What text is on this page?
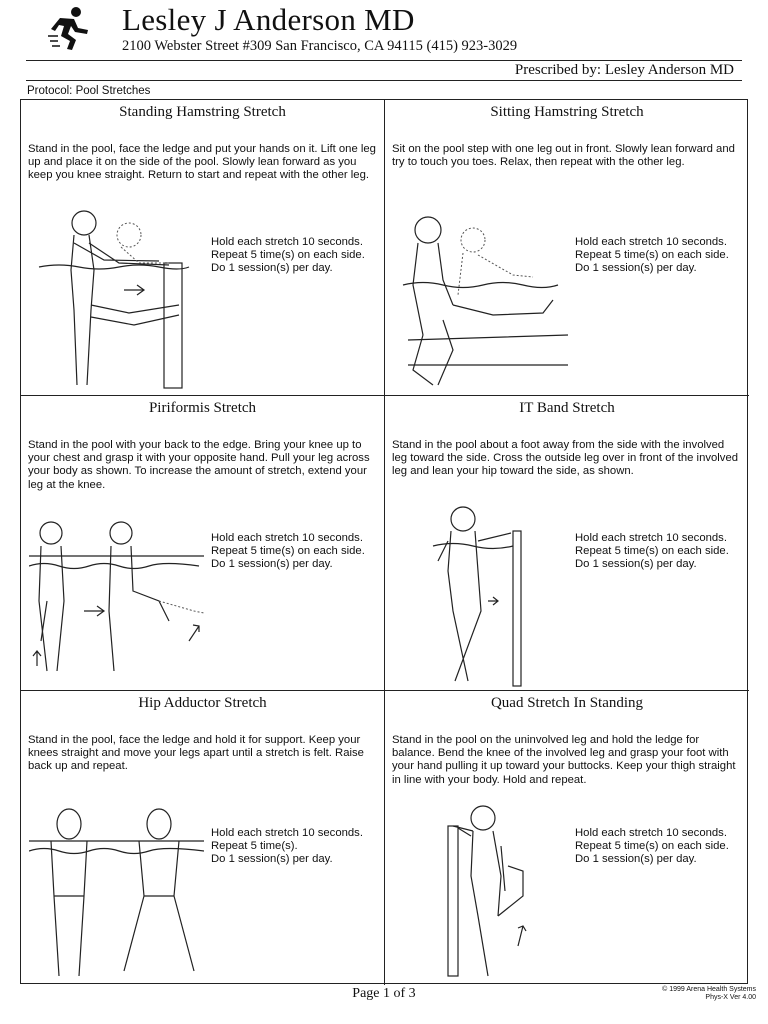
Lesley J Anderson MD
2100 Webster Street #309 San Francisco, CA 94115 (415) 923-3029
Prescribed by: Lesley Anderson MD
Protocol: Pool Stretches
Standing Hamstring Stretch
Stand in the pool, face the ledge and put your hands on it. Lift one leg up and place it on the side of the pool. Slowly lean forward as you keep you knee straight. Return to start and repeat with the other leg.
Hold each stretch 10 seconds.
Repeat 5 time(s) on each side.
Do 1 session(s) per day.
Sitting Hamstring Stretch
Sit on the pool step with one leg out in front. Slowly lean forward and try to touch you toes. Relax, then repeat with the other leg.
Hold each stretch 10 seconds.
Repeat 5 time(s) on each side.
Do 1 session(s) per day.
Piriformis Stretch
Stand in the pool with your back to the edge. Bring your knee up to your chest and grasp it with your opposite hand. Pull your leg across your body as shown. To increase the amount of stretch, extend your leg at the knee.
Hold each stretch 10 seconds.
Repeat 5 time(s) on each side.
Do 1 session(s) per day.
IT Band Stretch
Stand in the pool about a foot away from the side with the involved leg toward the side. Cross the outside leg over in front of the involved leg and lean your hip toward the side, as shown.
Hold each stretch 10 seconds.
Repeat 5 time(s) on each side.
Do 1 session(s) per day.
Hip Adductor Stretch
Stand in the pool, face the ledge and hold it for support. Keep your knees straight and move your legs apart until a stretch is felt. Raise back up and repeat.
Hold each stretch 10 seconds.
Repeat 5 time(s).
Do 1 session(s) per day.
Quad Stretch In Standing
Stand in the pool on the uninvolved leg and hold the ledge for balance. Bend the knee of the involved leg and grasp your foot with your hand pulling it up toward your buttocks. Keep your thigh straight in line with your body. Hold and repeat.
Hold each stretch 10 seconds.
Repeat 5 time(s) on each side.
Do 1 session(s) per day.
Page 1 of 3	© 1999 Arena Health Systems
Phys-X Ver 4.00
